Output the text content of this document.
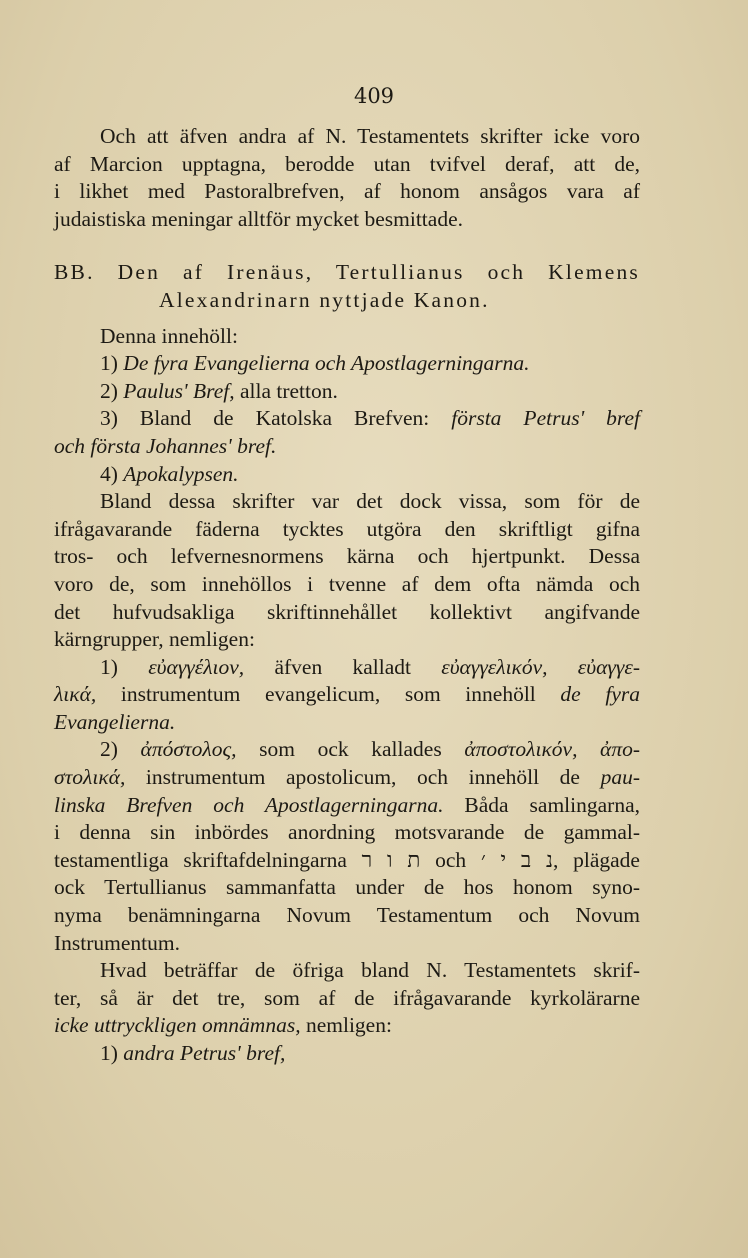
409
Och att äfven andra af N. Testamentets skrifter icke voro
af Marcion upptagna, berodde utan tvifvel deraf, att de,
i likhet med Pastoralbrefven, af honom ansågos vara af
judaistiska meningar alltför mycket besmittade.
BB. Den af Irenäus, Tertullianus och Klemens
Alexandrinarn nyttjade Kanon.
Denna innehöll:
1) De fyra Evangelierna och Apostlagerningarna.
2) Paulus' Bref, alla tretton.
3) Bland de Katolska Brefven: första Petrus' bref
och första Johannes' bref.
4) Apokalypsen.
Bland dessa skrifter var det dock vissa, som för de
ifrågavarande fäderna tycktes utgöra den skriftligt gifna
tros- och lefvernesnormens kärna och hjertpunkt. Dessa
voro de, som innehöllos i tvenne af dem ofta nämda och
det hufvudsakliga skriftinnehållet kollektivt angifvande
kärngrupper, nemligen:
1) εὐαγγέλιον, äfven kalladt εὐαγγελικόν, εὐαγγε-
λικά, instrumentum evangelicum, som innehöll de fyra
Evangelierna.
2) ἀπόστολος, som ock kallades ἀποστολικόν, ἀπο-
στολικά, instrumentum apostolicum, och innehöll de pau-
linska Brefven och Apostlagerningarna. Båda samlingarna,
i denna sin inbördes anordning motsvarande de gammal-
testamentliga skriftafdelningarna ת ו ר och נ ב י ׳, plägade
ock Tertullianus sammanfatta under de hos honom syno-
nyma benämningarna Novum Testamentum och Novum
Instrumentum.
Hvad beträffar de öfriga bland N. Testamentets skrif-
ter, så är det tre, som af de ifrågavarande kyrkolärarne
icke uttryckligen omnämnas, nemligen:
1) andra Petrus' bref,
